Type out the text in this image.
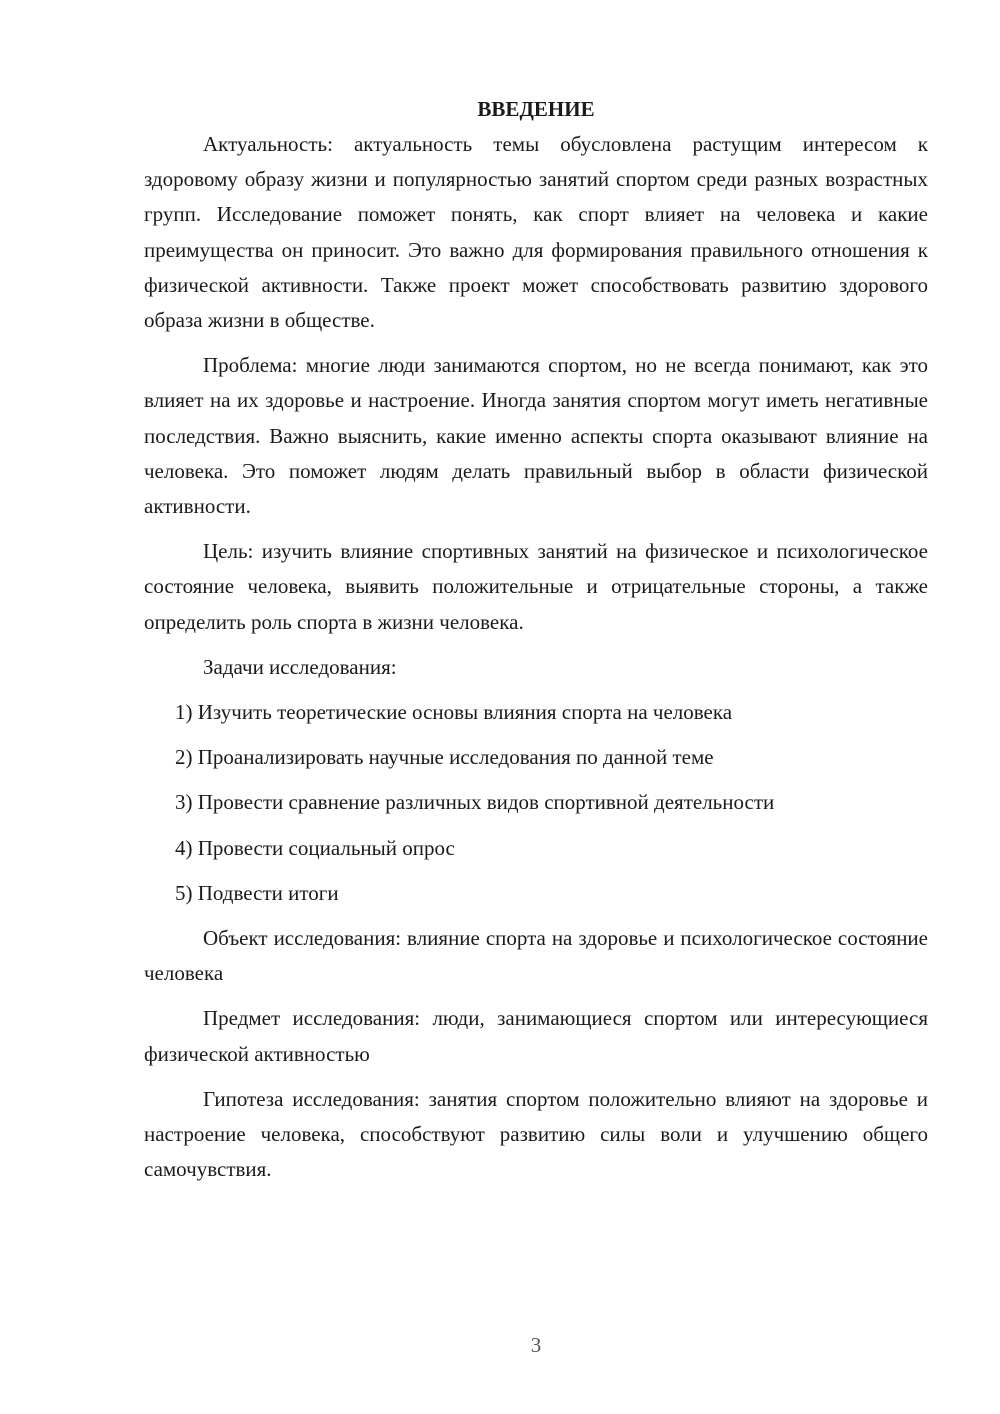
ВВЕДЕНИЕ

Актуальность: актуальность темы обусловлена растущим интересом к здоровому образу жизни и популярностью занятий спортом среди разных возрастных групп. Исследование поможет понять, как спорт влияет на человека и какие преимущества он приносит. Это важно для формирования правильного отношения к физической активности. Также проект может способствовать развитию здорового образа жизни в обществе.

Проблема: многие люди занимаются спортом, но не всегда понимают, как это влияет на их здоровье и настроение. Иногда занятия спортом могут иметь негативные последствия. Важно выяснить, какие именно аспекты спорта оказывают влияние на человека. Это поможет людям делать правильный выбор в области физической активности.

Цель: изучить влияние спортивных занятий на физическое и психологическое состояние человека, выявить положительные и отрицательные стороны, а также определить роль спорта в жизни человека.

Задачи исследования:

1) Изучить теоретические основы влияния спорта на человека

2) Проанализировать научные исследования по данной теме

3) Провести сравнение различных видов спортивной деятельности

4) Провести социальный опрос

5) Подвести итоги

Объект исследования: влияние спорта на здоровье и психологическое состояние человека

Предмет исследования: люди, занимающиеся спортом или интересующиеся физической активностью

Гипотеза исследования: занятия спортом положительно влияют на здоровье и настроение человека, способствуют развитию силы воли и улучшению общего самочувствия.

3
